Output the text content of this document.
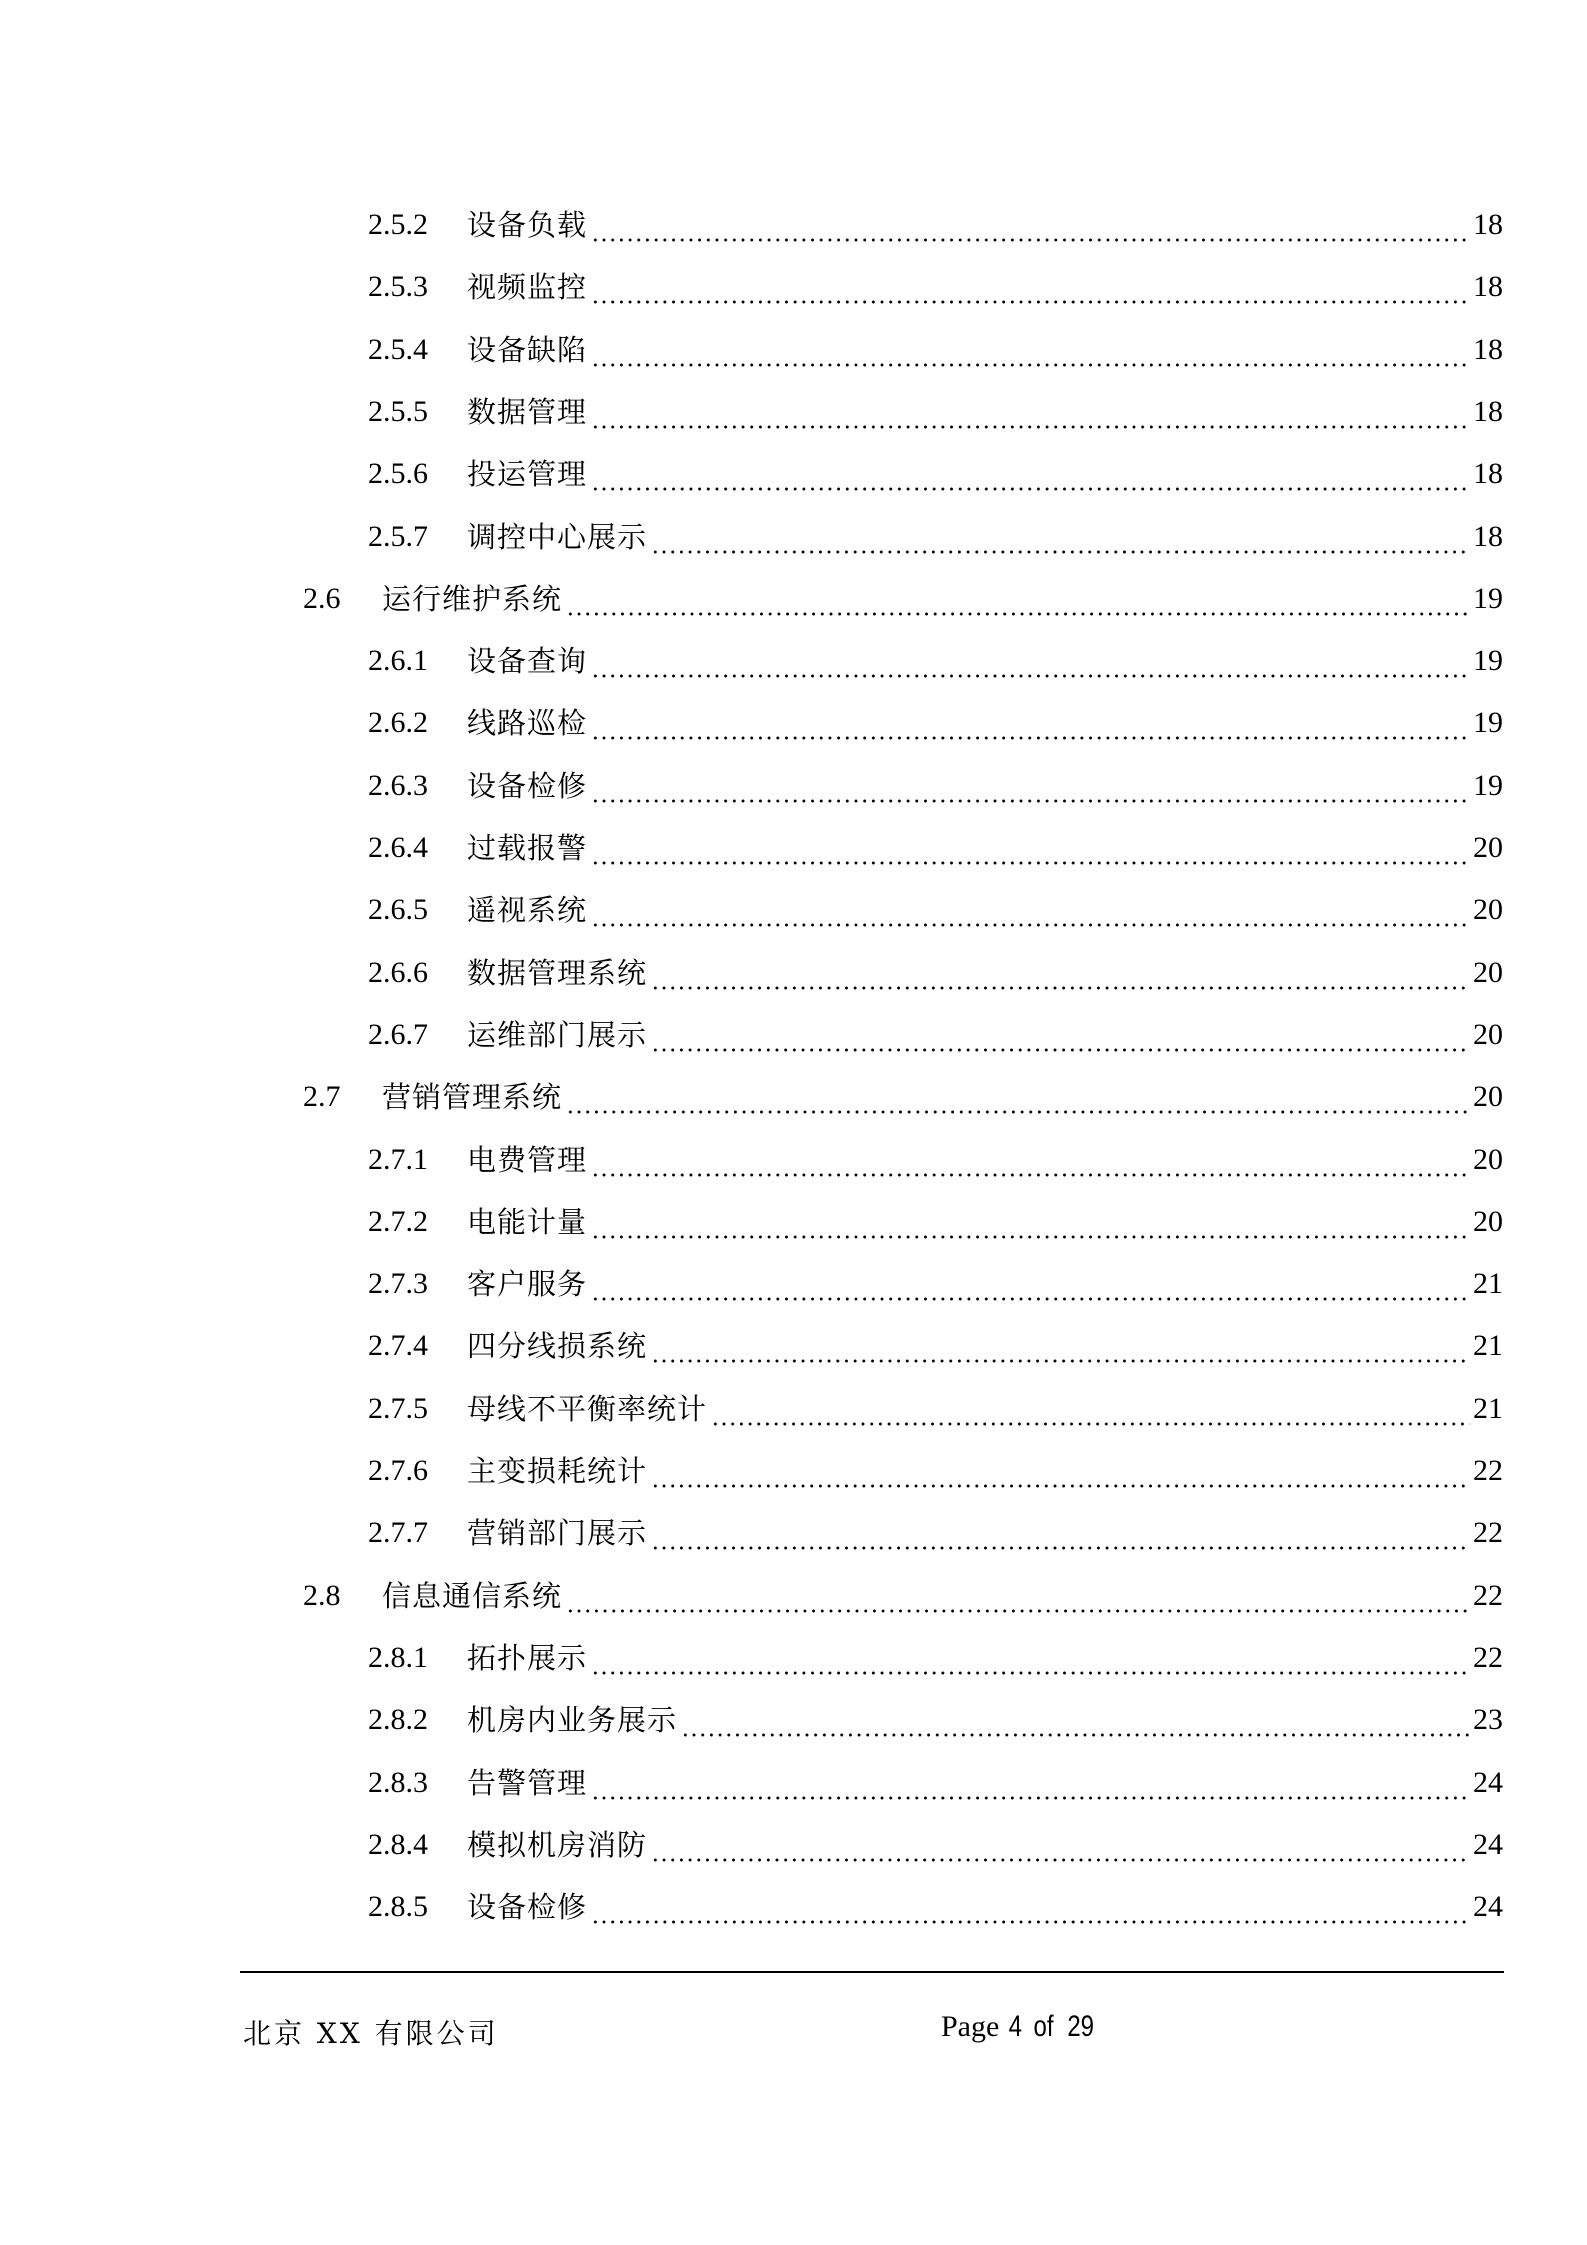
2.5.2	设备负载	18
2.5.3	视频监控	18
2.5.4	设备缺陷	18
2.5.5	数据管理	18
2.5.6	投运管理	18
2.5.7	调控中心展示	18
2.6	运行维护系统	19
2.6.1	设备查询	19
2.6.2	线路巡检	19
2.6.3	设备检修	19
2.6.4	过载报警	20
2.6.5	遥视系统	20
2.6.6	数据管理系统	20
2.6.7	运维部门展示	20
2.7	营销管理系统	20
2.7.1	电费管理	20
2.7.2	电能计量	20
2.7.3	客户服务	21
2.7.4	四分线损系统	21
2.7.5	母线不平衡率统计	21
2.7.6	主变损耗统计	22
2.7.7	营销部门展示	22
2.8	信息通信系统	22
2.8.1	拓扑展示	22
2.8.2	机房内业务展示	23
2.8.3	告警管理	24
2.8.4	模拟机房消防	24
2.8.5	设备检修	24
北京 XX 有限公司	Page 4 of 29
